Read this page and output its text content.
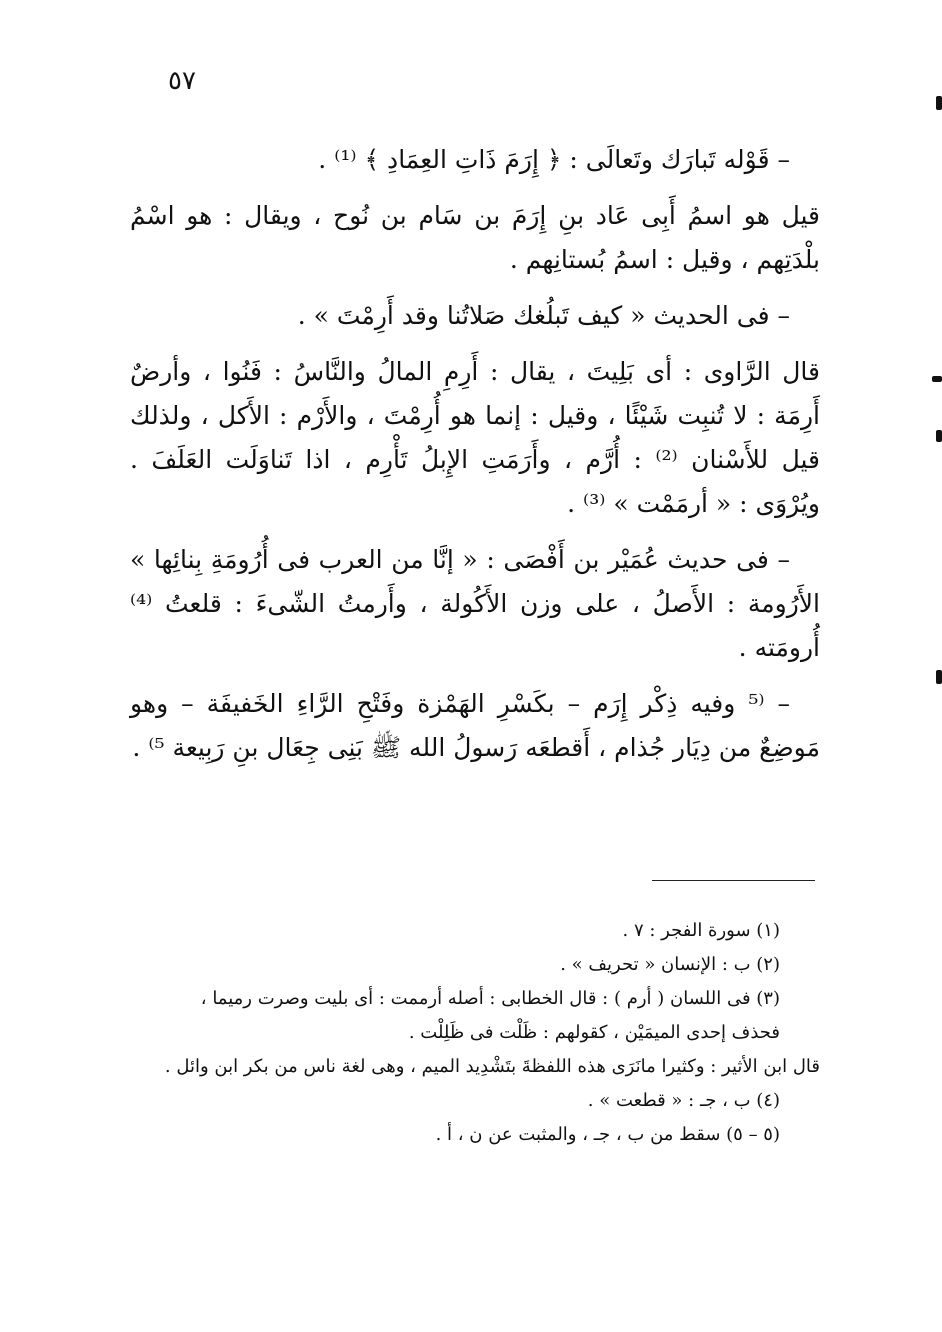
٥٧

– قَوْله تَبارَك وتَعالَى : ﴿ إِرَمَ ذَاتِ العِمَادِ ﴾ ⁽¹⁾ .

قيل هو اسمُ أَبِى عَاد بنِ إِرَمَ بن سَام بن نُوح ، ويقال : هو اسْمُ بلْدَتِهم ، وقيل : اسمُ بُستانِهم .

– فى الحديث « كيف تَبلُغك صَلاتُنا وقد أَرِمْتَ » .

قال الرَّاوى : أى بَلِيتَ ، يقال : أَرِمِ المالُ والنَّاسُ : فَنُوا ، وأرضٌ أَرِمَة : لا تُنبِت شَيْئًا ، وقيل : إنما هو أُرِمْتَ ، والأَرْم : الأَكل ، ولذلك قيل للأَسْنان ⁽²⁾ : أُرَّم ، وأَرَمَتِ الإِبلُ تَأْرِم ، اذا تَناوَلَت العَلَفَ . ويُرْوَى : « أرمَمْت » ⁽³⁾ .

– فى حديث عُمَيْر بن أَفْصَى : « إنَّا من العرب فى أُرُومَةِ بِنائِها » الأَرُومة : الأَصلُ ، على وزن الأَكُولة ، وأَرمتُ الشّىءَ : قلعتُ ⁽⁴⁾ أُرومَته .

– ⁽⁵ وفيه ذِكْر إِرَم – بكَسْرِ الهَمْزة وفَتْحِ الرَّاءِ الخَفيفَة – وهو مَوضِعٌ من دِيَار جُذام ، أَقطعَه رَسولُ الله ﷺ بَنِى جِعَال بنِ رَبِيعة ⁵⁾ .

(١) سورة الفجر : ٧ .

(٢) ب : الإنسان « تحريف » .

(٣) فى اللسان ( أرم ) : قال الخطابى : أصله أرممت : أى بليت وصرت رميما ، فحذف إحدى الميمَيْن ، كقولهم : ظَلْت فى ظَلِلْت .

قال ابن الأثير : وكثيرا مانَرَى هذه اللفظةَ بتَشْدِيد الميم ، وهى لغة ناس من بكر ابن وائل .

(٤) ب ، جـ : « قطعت » .

(٥ – ٥) سقط من ب ، جـ ، والمثبت عن ن ، أ .
